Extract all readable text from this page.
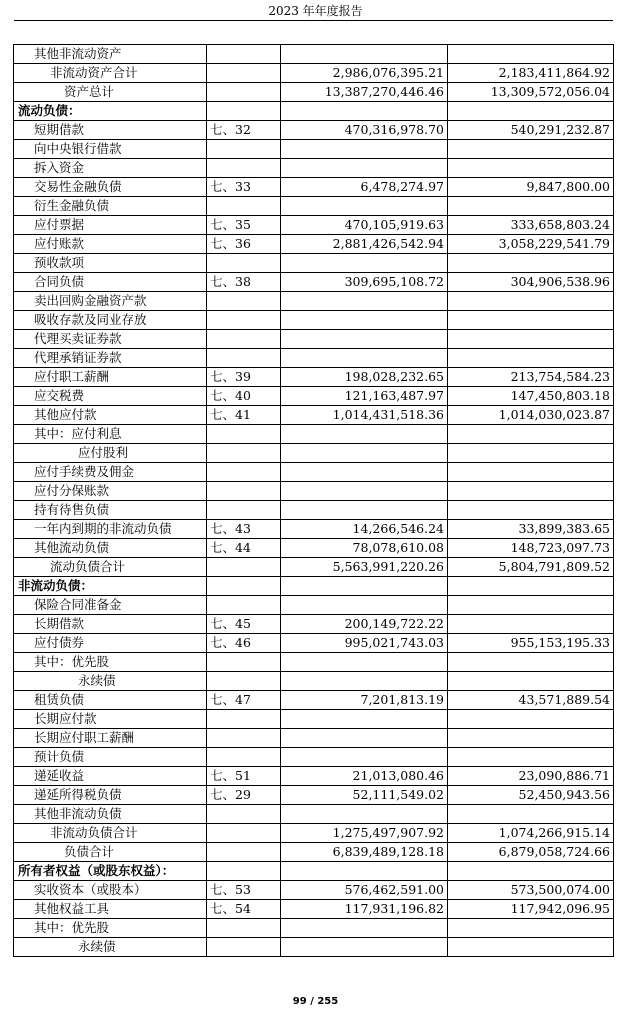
2023 年年度报告
其他非流动资产			
非流动资产合计		2,986,076,395.21	2,183,411,864.92
资产总计		13,387,270,446.46	13,309,572,056.04
流动负债：			
短期借款	七、32	470,316,978.70	540,291,232.87
向中央银行借款			
拆入资金			
交易性金融负债	七、33	6,478,274.97	9,847,800.00
衍生金融负债			
应付票据	七、35	470,105,919.63	333,658,803.24
应付账款	七、36	2,881,426,542.94	3,058,229,541.79
预收款项			
合同负债	七、38	309,695,108.72	304,906,538.96
卖出回购金融资产款			
吸收存款及同业存放			
代理买卖证券款			
代理承销证券款			
应付职工薪酬	七、39	198,028,232.65	213,754,584.23
应交税费	七、40	121,163,487.97	147,450,803.18
其他应付款	七、41	1,014,431,518.36	1,014,030,023.87
其中：应付利息			
应付股利			
应付手续费及佣金			
应付分保账款			
持有待售负债			
一年内到期的非流动负债	七、43	14,266,546.24	33,899,383.65
其他流动负债	七、44	78,078,610.08	148,723,097.73
流动负债合计		5,563,991,220.26	5,804,791,809.52
非流动负债：			
保险合同准备金			
长期借款	七、45	200,149,722.22	
应付债券	七、46	995,021,743.03	955,153,195.33
其中：优先股			
永续债			
租赁负债	七、47	7,201,813.19	43,571,889.54
长期应付款			
长期应付职工薪酬			
预计负债			
递延收益	七、51	21,013,080.46	23,090,886.71
递延所得税负债	七、29	52,111,549.02	52,450,943.56
其他非流动负债			
非流动负债合计		1,275,497,907.92	1,074,266,915.14
负债合计		6,839,489,128.18	6,879,058,724.66
所有者权益（或股东权益）：			
实收资本（或股本）	七、53	576,462,591.00	573,500,074.00
其他权益工具	七、54	117,931,196.82	117,942,096.95
其中：优先股			
永续债			
99 / 255
